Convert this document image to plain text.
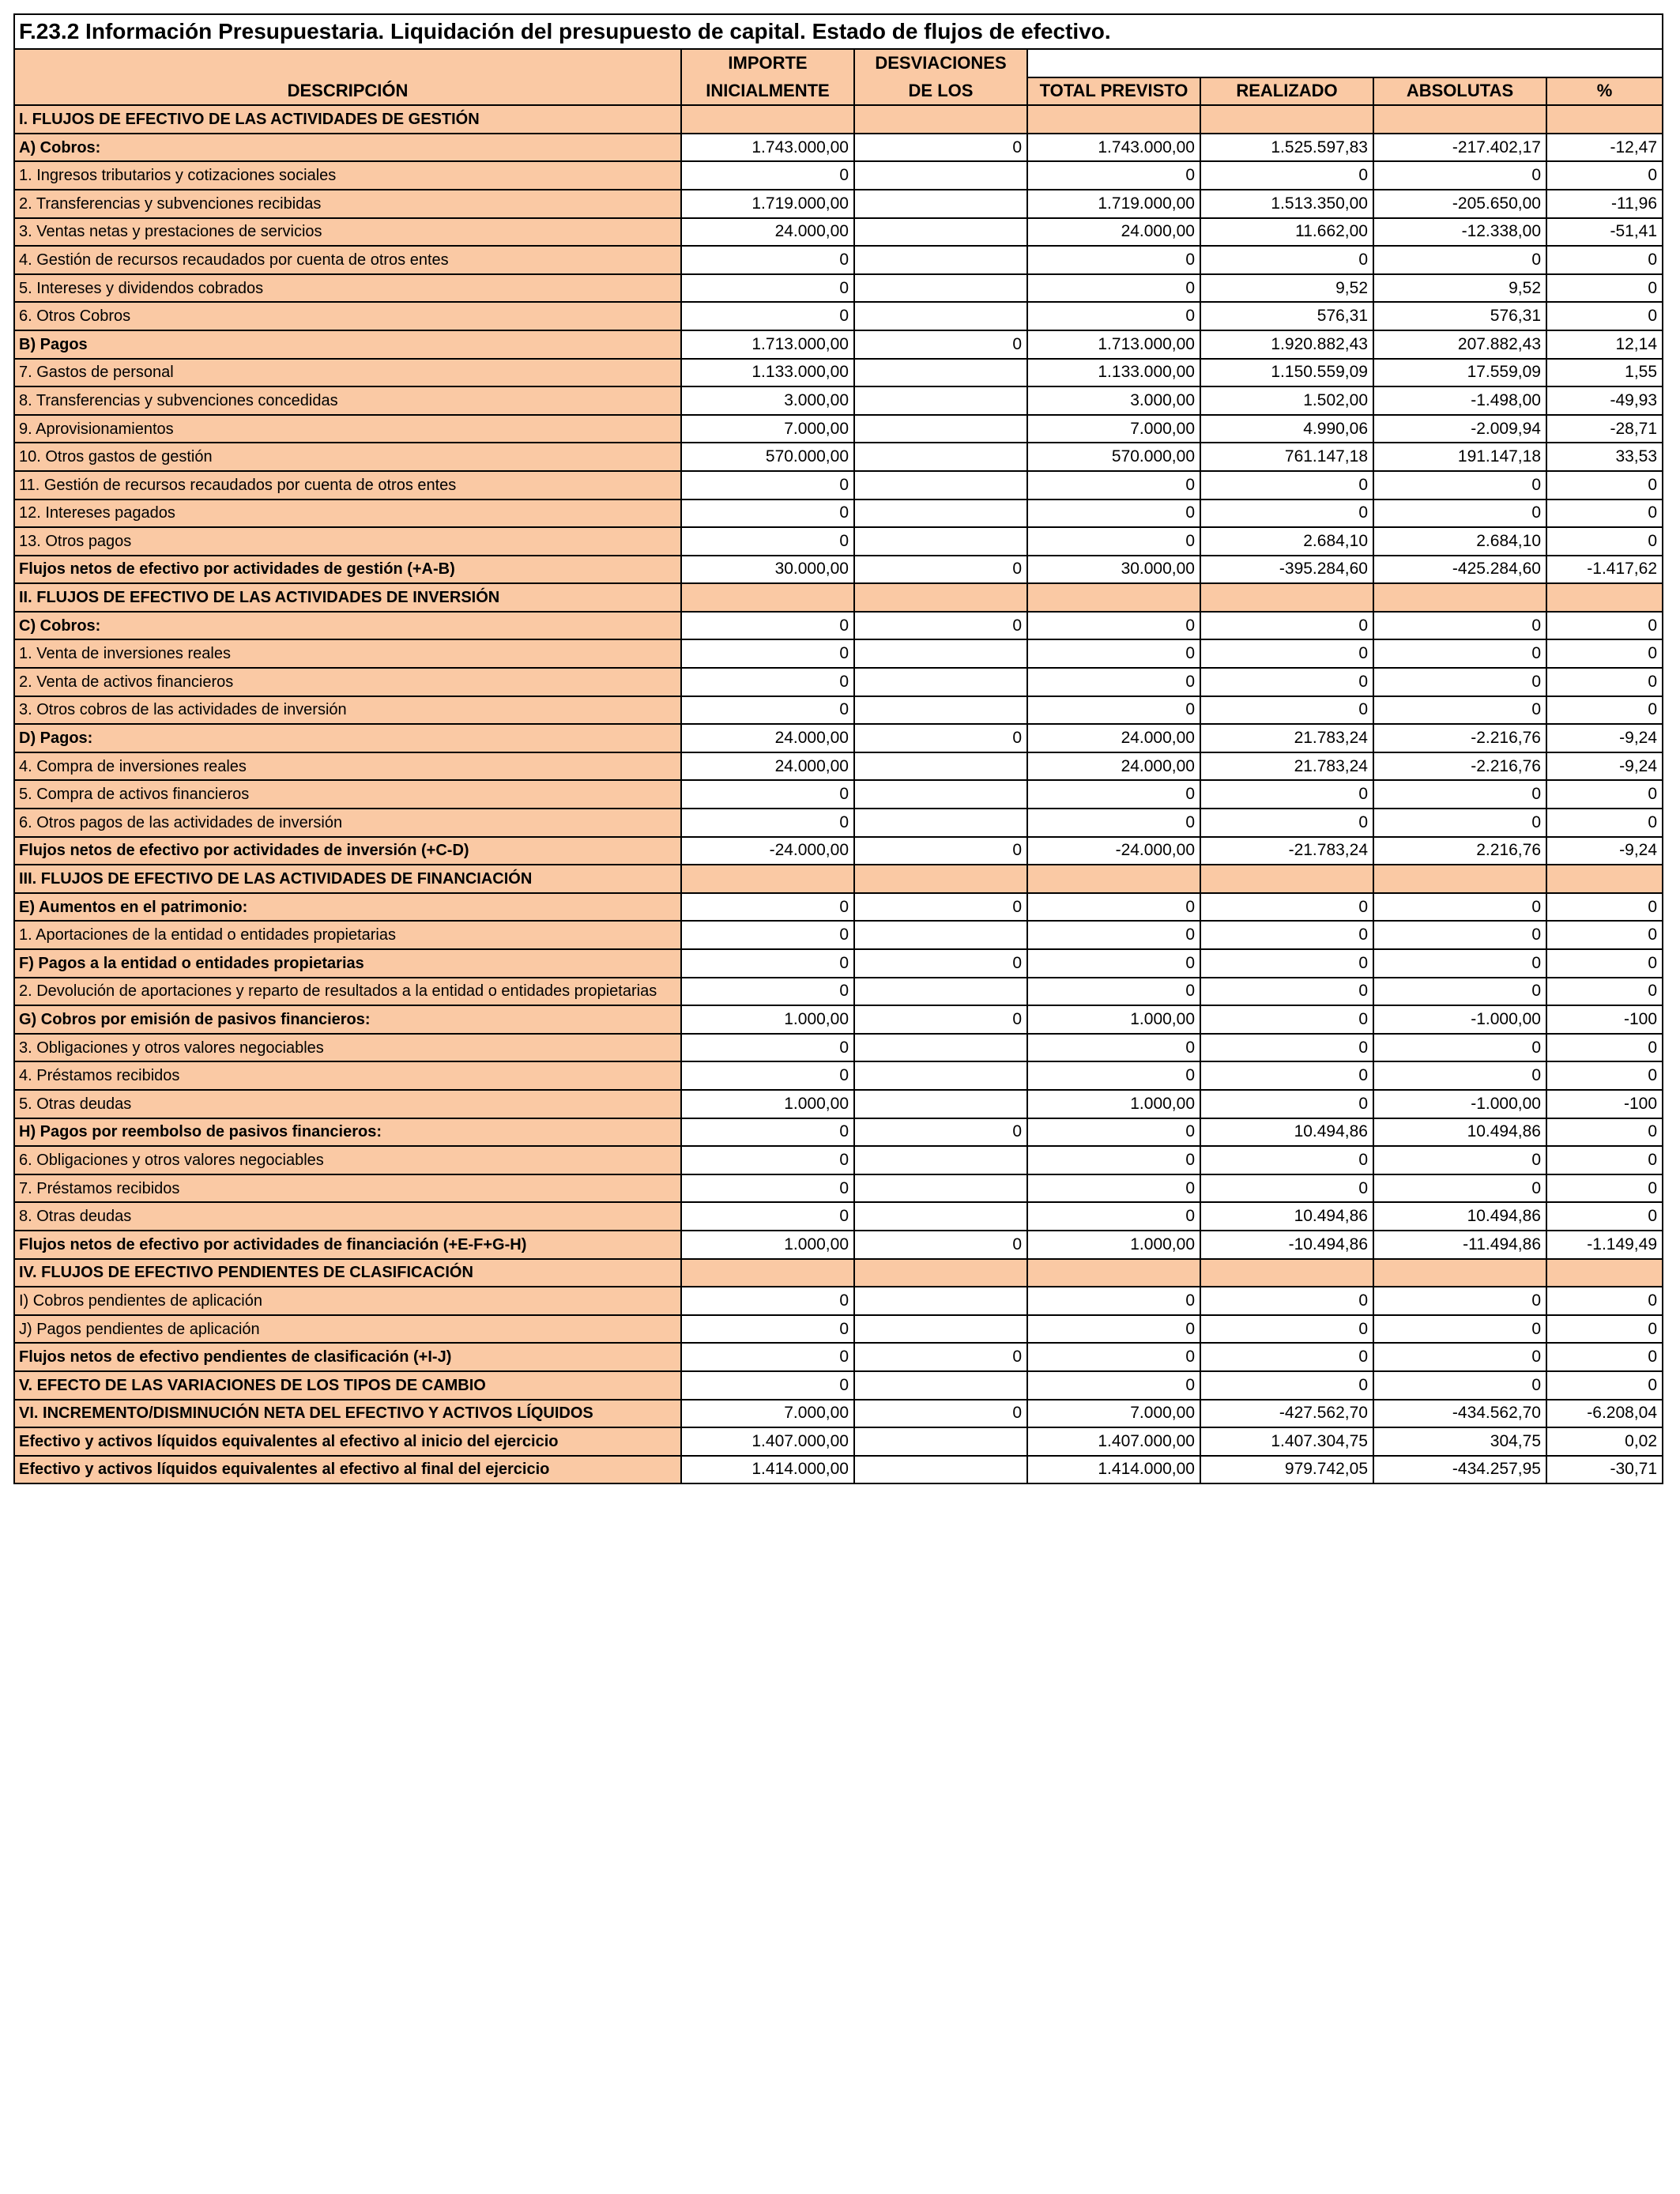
F.23.2 Información Presupuestaria. Liquidación del presupuesto de capital. Estado de flujos de efectivo.						
	IMPORTE	DESVIACIONES				
DESCRIPCIÓN	INICIALMENTE	DE LOS	TOTAL PREVISTO	REALIZADO	ABSOLUTAS	%
I. FLUJOS DE EFECTIVO DE LAS ACTIVIDADES DE GESTIÓN						
A) Cobros:	1.743.000,00	0	1.743.000,00	1.525.597,83	-217.402,17	-12,47
1. Ingresos tributarios y cotizaciones sociales	0		0	0	0	0
2. Transferencias y subvenciones recibidas	1.719.000,00		1.719.000,00	1.513.350,00	-205.650,00	-11,96
3. Ventas netas y prestaciones de servicios	24.000,00		24.000,00	11.662,00	-12.338,00	-51,41
4. Gestión de recursos recaudados por cuenta de otros entes	0		0	0	0	0
5. Intereses y dividendos cobrados	0		0	9,52	9,52	0
6. Otros Cobros	0		0	576,31	576,31	0
B) Pagos	1.713.000,00	0	1.713.000,00	1.920.882,43	207.882,43	12,14
7. Gastos de personal	1.133.000,00		1.133.000,00	1.150.559,09	17.559,09	1,55
8. Transferencias y subvenciones concedidas	3.000,00		3.000,00	1.502,00	-1.498,00	-49,93
9. Aprovisionamientos	7.000,00		7.000,00	4.990,06	-2.009,94	-28,71
10. Otros gastos de gestión	570.000,00		570.000,00	761.147,18	191.147,18	33,53
11. Gestión de recursos recaudados por cuenta de otros entes	0		0	0	0	0
12. Intereses pagados	0		0	0	0	0
13. Otros pagos	0		0	2.684,10	2.684,10	0
Flujos netos de efectivo por actividades de gestión (+A-B)	30.000,00	0	30.000,00	-395.284,60	-425.284,60	-1.417,62
II. FLUJOS DE EFECTIVO DE LAS ACTIVIDADES DE INVERSIÓN						
C) Cobros:	0	0	0	0	0	0
1. Venta de inversiones reales	0		0	0	0	0
2. Venta de activos financieros	0		0	0	0	0
3. Otros cobros de las actividades de inversión	0		0	0	0	0
D) Pagos:	24.000,00	0	24.000,00	21.783,24	-2.216,76	-9,24
4. Compra de inversiones reales	24.000,00		24.000,00	21.783,24	-2.216,76	-9,24
5. Compra de activos financieros	0		0	0	0	0
6. Otros pagos de las actividades de inversión	0		0	0	0	0
Flujos netos de efectivo por actividades de inversión (+C-D)	-24.000,00	0	-24.000,00	-21.783,24	2.216,76	-9,24
III. FLUJOS DE EFECTIVO DE LAS ACTIVIDADES DE FINANCIACIÓN						
E) Aumentos en el patrimonio:	0	0	0	0	0	0
1. Aportaciones de la entidad o entidades propietarias	0		0	0	0	0
F) Pagos a la entidad o entidades propietarias	0	0	0	0	0	0
2. Devolución de aportaciones y reparto de resultados a la entidad o entidades propietarias	0		0	0	0	0
G) Cobros por emisión de pasivos financieros:	1.000,00	0	1.000,00	0	-1.000,00	-100
3. Obligaciones y otros valores negociables	0		0	0	0	0
4. Préstamos recibidos	0		0	0	0	0
5. Otras deudas	1.000,00		1.000,00	0	-1.000,00	-100
H) Pagos por reembolso de pasivos financieros:	0	0	0	10.494,86	10.494,86	0
6. Obligaciones y otros valores negociables	0		0	0	0	0
7. Préstamos recibidos	0		0	0	0	0
8. Otras deudas	0		0	10.494,86	10.494,86	0
Flujos netos de efectivo por actividades de financiación (+E-F+G-H)	1.000,00	0	1.000,00	-10.494,86	-11.494,86	-1.149,49
IV. FLUJOS DE EFECTIVO PENDIENTES DE CLASIFICACIÓN						
I) Cobros pendientes de aplicación	0		0	0	0	0
J) Pagos pendientes de aplicación	0		0	0	0	0
Flujos netos de efectivo pendientes de clasificación (+I-J)	0	0	0	0	0	0
V. EFECTO DE LAS VARIACIONES DE LOS TIPOS DE CAMBIO	0		0	0	0	0
VI. INCREMENTO/DISMINUCIÓN NETA DEL EFECTIVO Y ACTIVOS LÍQUIDOS	7.000,00	0	7.000,00	-427.562,70	-434.562,70	-6.208,04
Efectivo y activos líquidos equivalentes al efectivo al inicio del ejercicio	1.407.000,00		1.407.000,00	1.407.304,75	304,75	0,02
Efectivo y activos líquidos equivalentes al efectivo al final del ejercicio	1.414.000,00		1.414.000,00	979.742,05	-434.257,95	-30,71
